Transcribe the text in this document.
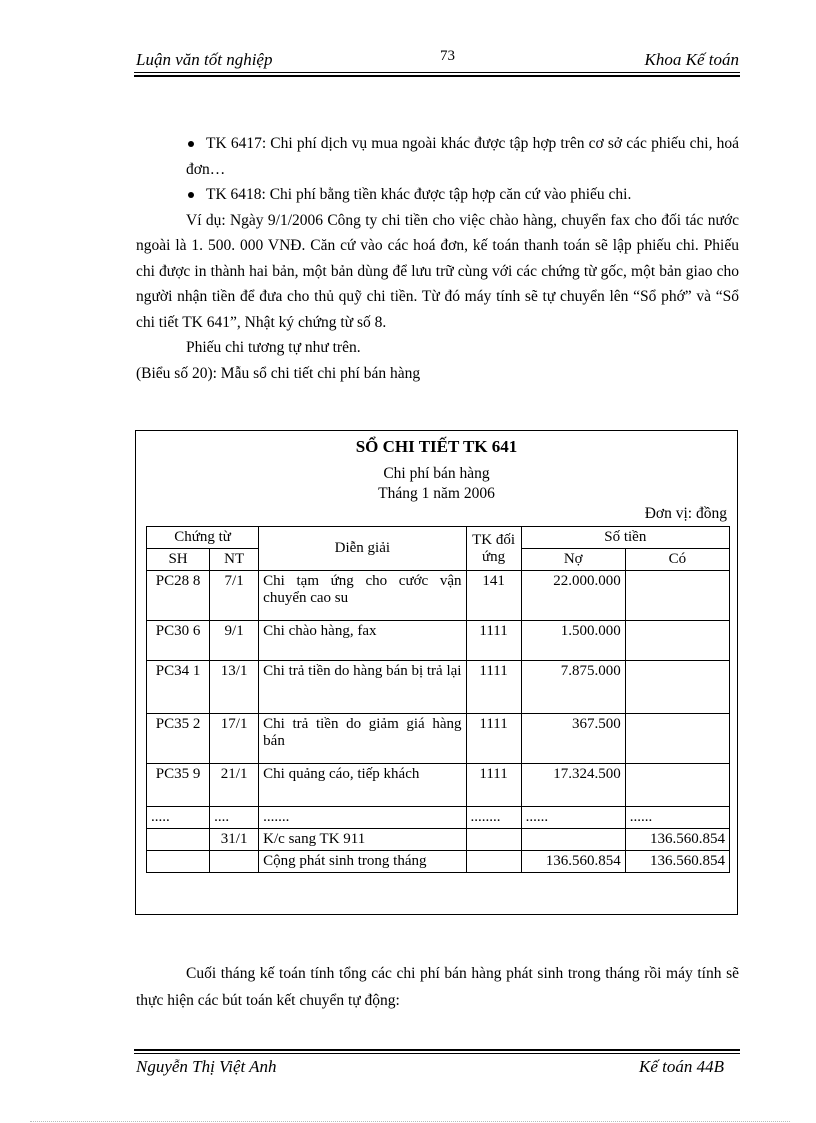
Luận văn tốt nghiệp	73	Khoa Kế toán

TK 6417: Chi phí dịch vụ mua ngoài khác được tập hợp trên cơ sở các phiếu chi, hoá đơn…

TK 6418: Chi phí bằng tiền khác được tập hợp căn cứ vào phiếu chi.

Ví dụ: Ngày 9/1/2006 Công ty chi tiền cho việc chào hàng, chuyển fax cho đối tác nước ngoài là 1. 500. 000 VNĐ. Căn cứ vào các hoá đơn, kế toán thanh toán sẽ lập phiếu chi. Phiếu chi được in thành hai bản, một bản dùng để lưu trữ cùng với các chứng từ gốc, một bản giao cho người nhận tiền để đưa cho thủ quỹ chi tiền. Từ đó máy tính sẽ tự chuyển lên “Sổ phớ” và “Sổ chi tiết TK 641”, Nhật ký chứng từ số 8.

Phiếu chi tương tự như trên.

(Biểu số 20): Mẫu sổ chi tiết chi phí bán hàng

SỔ CHI TIẾT TK 641
Chi phí bán hàng
Tháng 1 năm 2006
Đơn vị: đồng
Chứng từ		Diễn giải	TK đối ứng	Số tiền	
SH	NT			Nợ	Có
PC28 8	7/1	Chi tạm ứng cho cước vận chuyển cao su	141	22.000.000	
PC30 6	9/1	Chi chào hàng, fax	1111	1.500.000	
PC34 1	13/1	Chi trả tiền do hàng bán bị trả lại	1111	7.875.000	
PC35 2	17/1	Chi trả tiền do giảm giá hàng bán	1111	367.500	
PC35 9	21/1	Chi quảng cáo, tiếp khách	1111	17.324.500	
.....	....	.......	........	......	......
	31/1	K/c sang TK 911			136.560.854
		Cộng phát sinh trong tháng		136.560.854	136.560.854

Cuối tháng kế toán tính tổng các chi phí bán hàng phát sinh trong tháng rồi máy tính sẽ thực hiện các bút toán kết chuyển tự động:

Nguyễn Thị Việt Anh	Kế toán 44B
